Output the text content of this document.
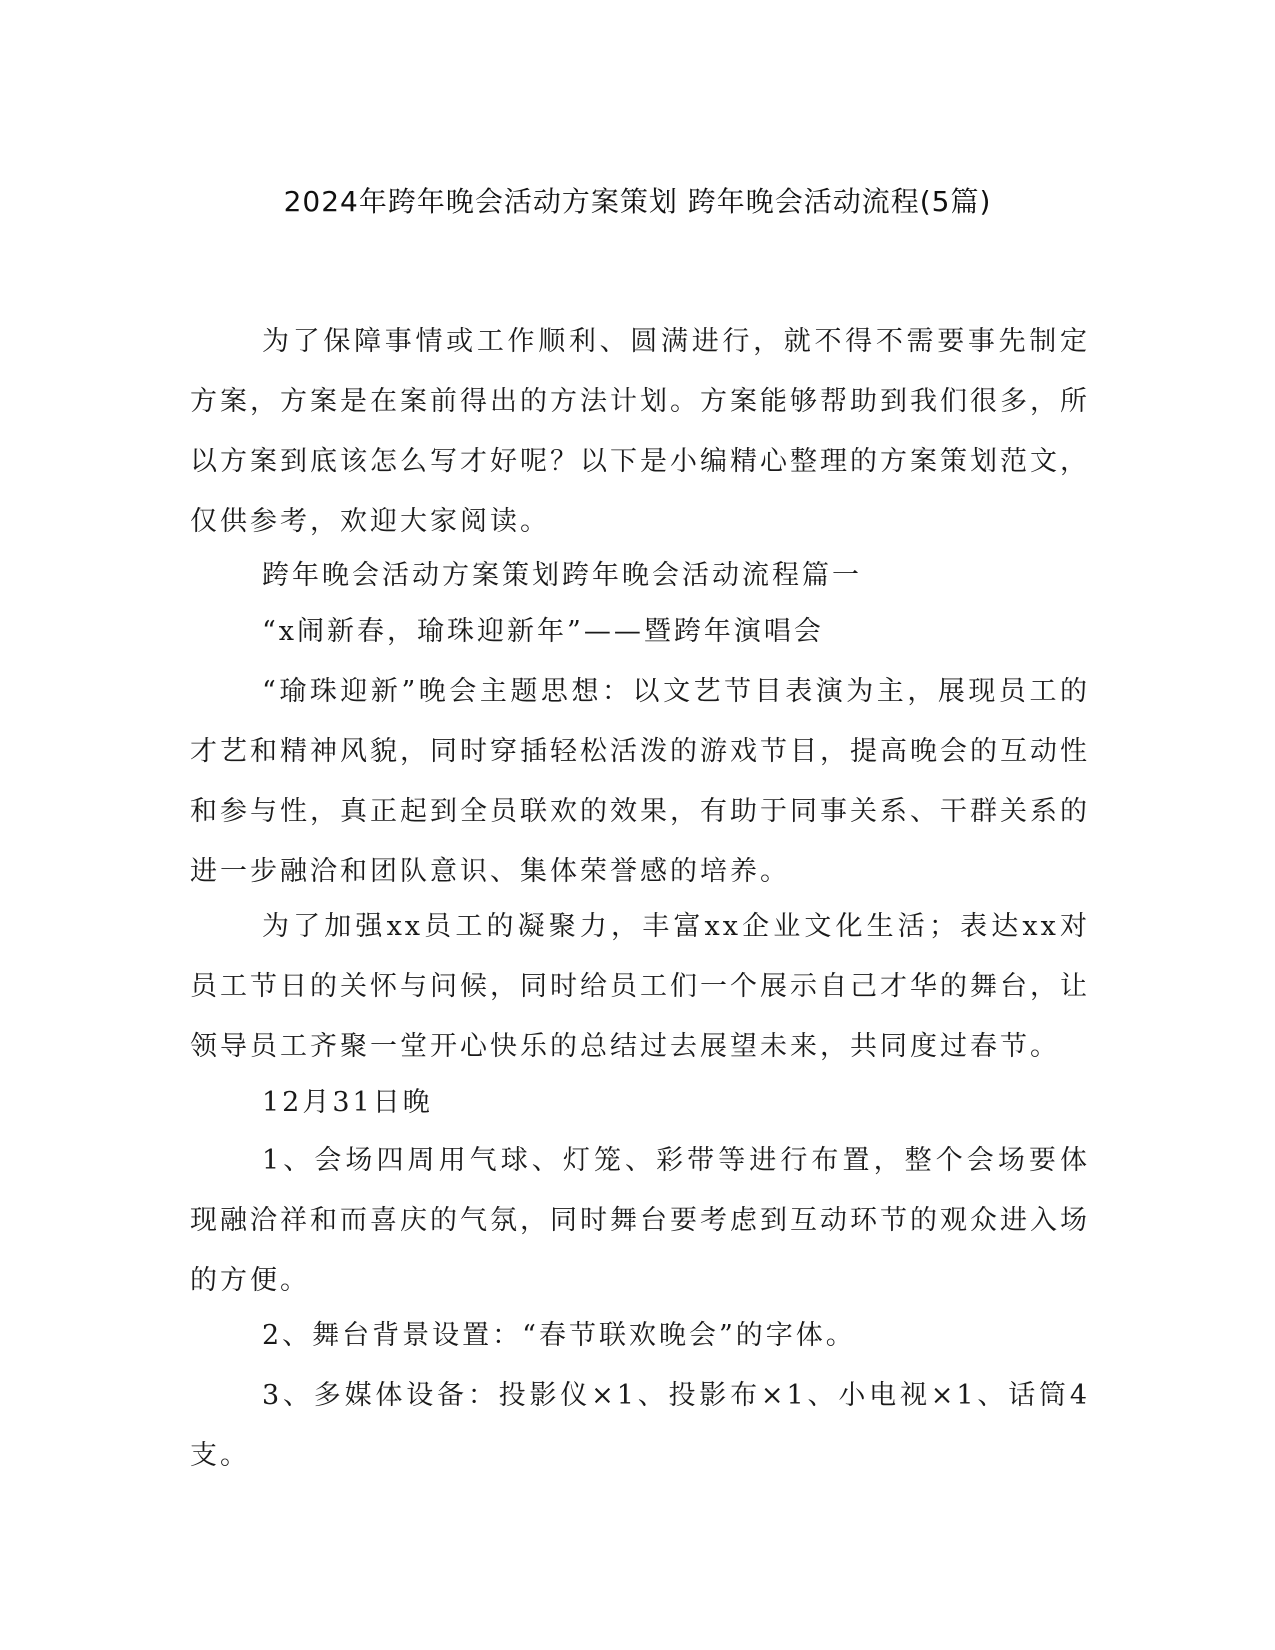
2024年跨年晚会活动方案策划 跨年晚会活动流程(5篇)

为了保障事情或工作顺利、圆满进行，就不得不需要事先制定方案，方案是在案前得出的方法计划。方案能够帮助到我们很多，所以方案到底该怎么写才好呢？以下是小编精心整理的方案策划范文，仅供参考，欢迎大家阅读。

跨年晚会活动方案策划跨年晚会活动流程篇一

“x闹新春，瑜珠迎新年”——暨跨年演唱会

“瑜珠迎新”晚会主题思想：以文艺节目表演为主，展现员工的才艺和精神风貌，同时穿插轻松活泼的游戏节目，提高晚会的互动性和参与性，真正起到全员联欢的效果，有助于同事关系、干群关系的进一步融洽和团队意识、集体荣誉感的培养。

为了加强xx员工的凝聚力，丰富xx企业文化生活；表达xx对员工节日的关怀与问候，同时给员工们一个展示自己才华的舞台，让领导员工齐聚一堂开心快乐的总结过去展望未来，共同度过春节。

12月31日晚

1、会场四周用气球、灯笼、彩带等进行布置，整个会场要体现融洽祥和而喜庆的气氛，同时舞台要考虑到互动环节的观众进入场的方便。

2、舞台背景设置：“春节联欢晚会”的字体。

3、多媒体设备：投影仪×1、投影布×1、小电视×1、话筒4支。
